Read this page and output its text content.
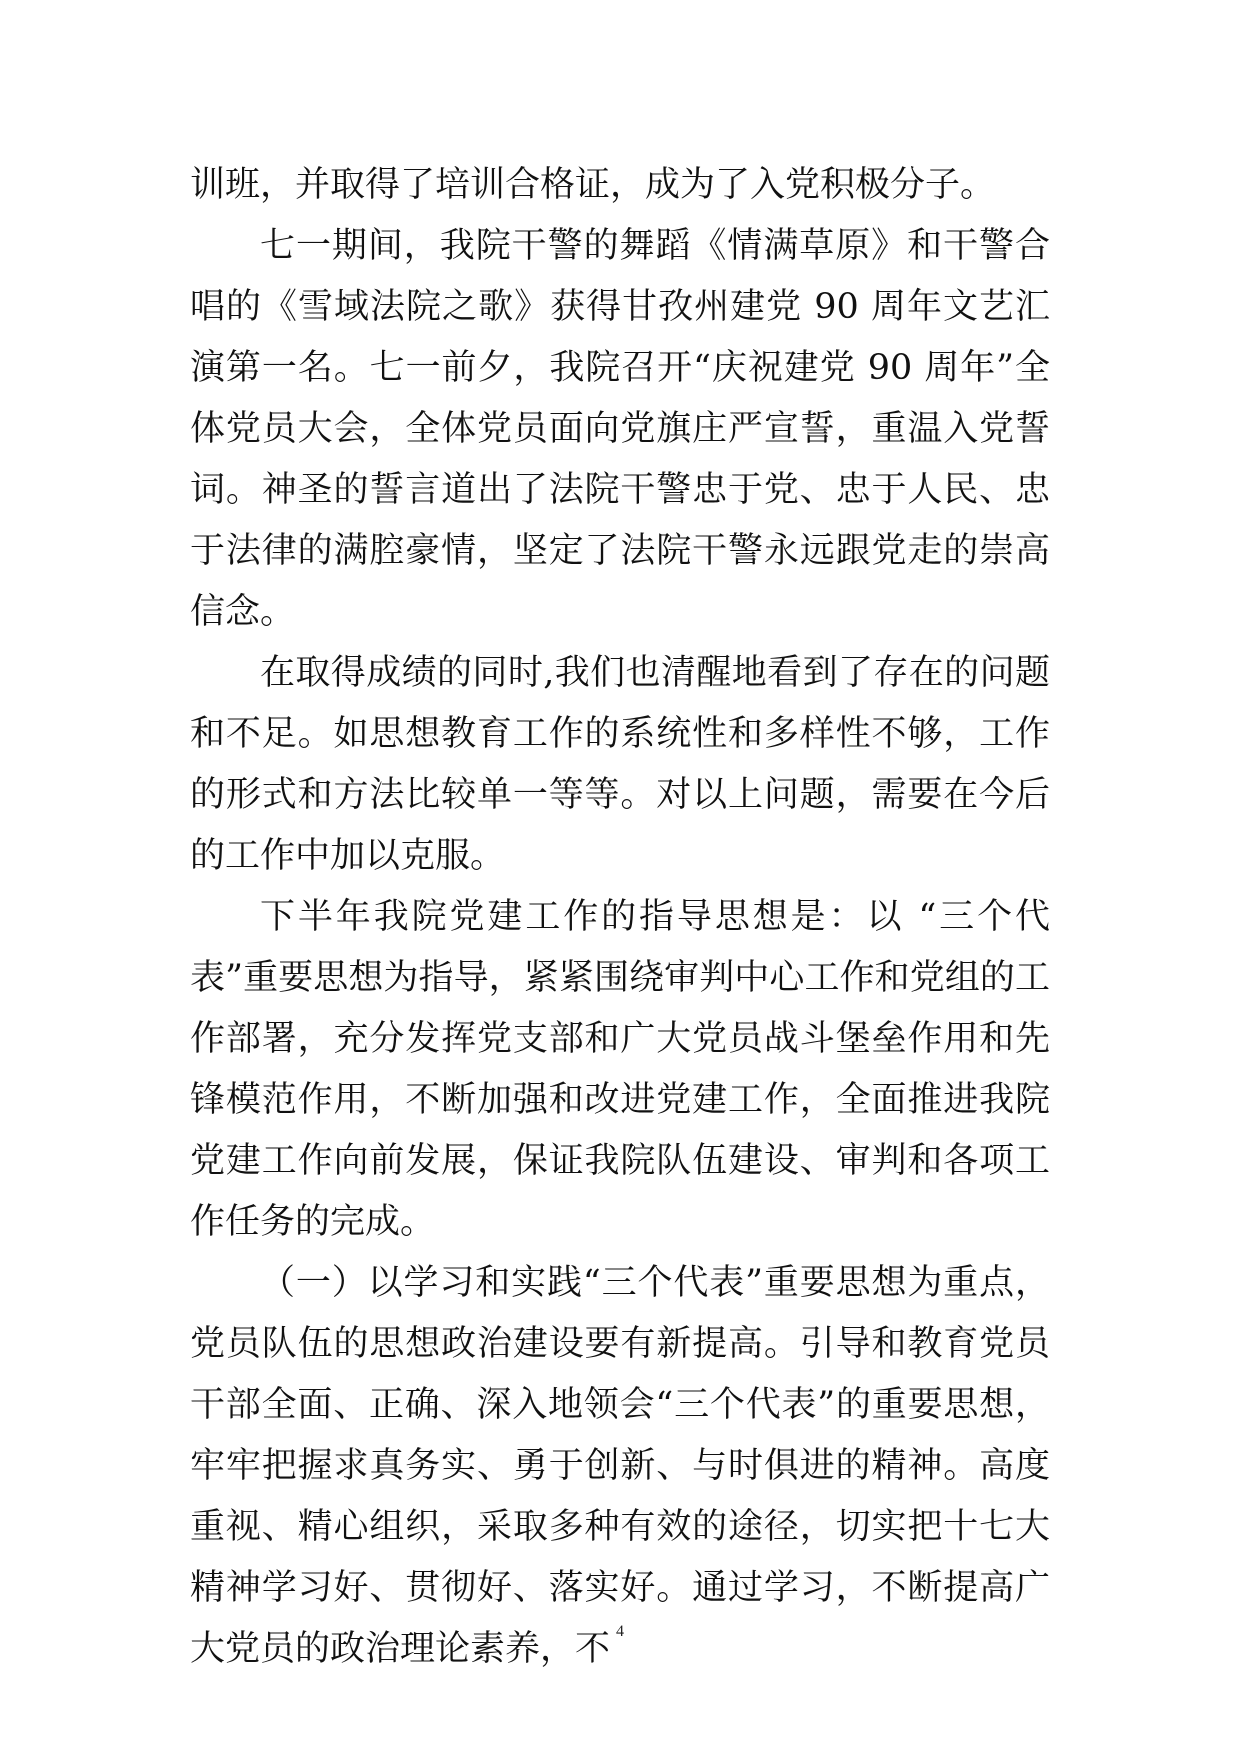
训班，并取得了培训合格证，成为了入党积极分子。

七一期间，我院干警的舞蹈《情满草原》和干警合唱的《雪域法院之歌》获得甘孜州建党 90 周年文艺汇演第一名。七一前夕，我院召开“庆祝建党 90 周年”全体党员大会，全体党员面向党旗庄严宣誓，重温入党誓词。神圣的誓言道出了法院干警忠于党、忠于人民、忠于法律的满腔豪情，坚定了法院干警永远跟党走的崇高信念。

在取得成绩的同时,我们也清醒地看到了存在的问题和不足。如思想教育工作的系统性和多样性不够，工作的形式和方法比较单一等等。对以上问题，需要在今后的工作中加以克服。

下半年我院党建工作的指导思想是：以 “三个代表”重要思想为指导，紧紧围绕审判中心工作和党组的工作部署，充分发挥党支部和广大党员战斗堡垒作用和先锋模范作用，不断加强和改进党建工作，全面推进我院党建工作向前发展，保证我院队伍建设、审判和各项工作任务的完成。

（一）以学习和实践“三个代表”重要思想为重点，党员队伍的思想政治建设要有新提高。引导和教育党员干部全面、正确、深入地领会“三个代表”的重要思想，牢牢把握求真务实、勇于创新、与时俱进的精神。高度重视、精心组织，采取多种有效的途径，切实把十七大精神学习好、贯彻好、落实好。通过学习，不断提高广大党员的政治理论素养，不 4
